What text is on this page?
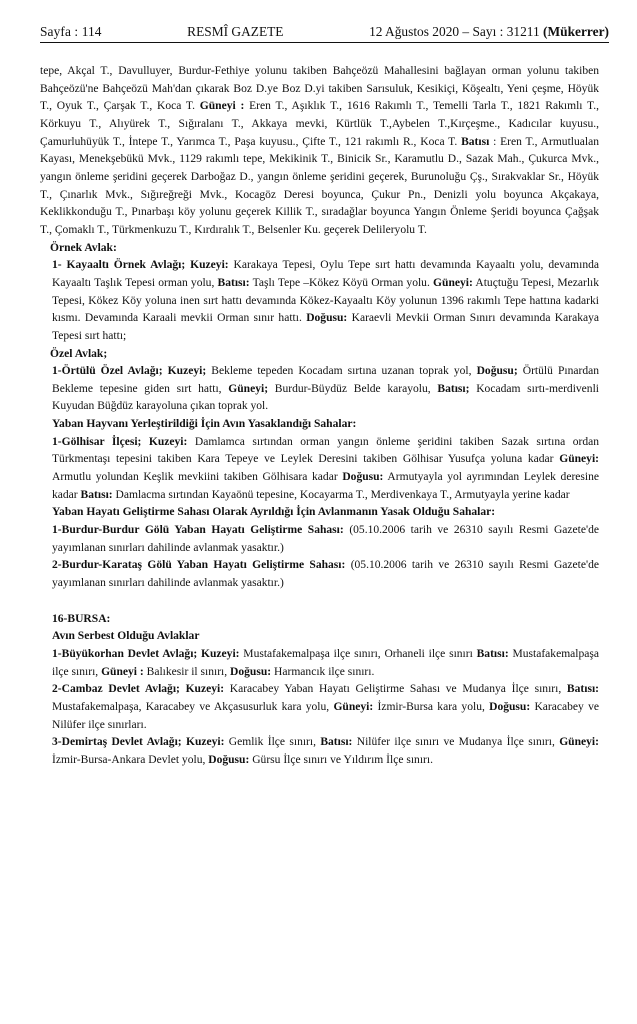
Sayfa : 114	RESMÎ GAZETE	12 Ağustos 2020 – Sayı : 31211 (Mükerrer)

tepe, Akçal T., Davulluyer, Burdur-Fethiye yolunu takiben Bahçeözü Mahallesini bağlayan orman yolunu takiben Bahçeözü'ne Bahçeözü Mah'dan çıkarak Boz D.ye Boz D.yi takiben Sarısuluk, Kesikiçi, Köşealtı, Yeni çeşme, Höyük T., Oyuk T., Çarşak T., Koca T. Güneyi : Eren T., Aşıklık T., 1616 Rakımlı T., Temelli Tarla T., 1821 Rakımlı T., Körkuyu T., Alıyürek T., Sığıralanı T., Akkaya mevki, Kürtlük T.,Aybelen T.,Kırçeşme., Kadıcılar kuyusu., Çamurluhüyük T., İntepe T., Yarımca T., Paşa kuyusu., Çifte T., 121 rakımlı R., Koca T. Batısı : Eren T., Armutlualan Kayası, Menekşebükü Mvk., 1129 rakımlı tepe, Mekikinik T., Binicik Sr., Karamutlu D., Sazak Mah., Çukurca Mvk., yangın önleme şeridini geçerek Darboğaz D., yangın önleme şeridini geçerek, Burunoluğu Çş., Sırakvaklar Sr., Höyük T., Çınarlık Mvk., Sığıreğreği Mvk., Kocagöz Deresi boyunca, Çukur Pn., Denizli yolu boyunca Akçakaya, Keklikkonduğu T., Pınarbaşı köy yolunu geçerek Killik T., sıradağlar boyunca Yangın Önleme Şeridi boyunca Çağşak T., Çomaklı T., Türkmenkuzu T., Kırdıralık T., Belsenler Ku. geçerek Delileryolu T.

Örnek Avlak:

1- Kayaaltı Örnek Avlağı; Kuzeyi: Karakaya Tepesi, Oylu Tepe sırt hattı devamında Kayaaltı yolu, devamında Kayaaltı Taşlık Tepesi orman yolu, Batısı: Taşlı Tepe –Kökez Köyü Orman yolu. Güneyi: Atuçtuğu Tepesi, Mezarlık Tepesi, Kökez Köy yoluna inen sırt hattı devamında Kökez-Kayaaltı Köy yolunun 1396 rakımlı Tepe hattına kadarki kısmı. Devamında Karaali mevkii Orman sınır hattı. Doğusu: Karaevli Mevkii Orman Sınırı devamında Karakaya Tepesi sırt hattı;

Özel Avlak;

1-Örtülü Özel Avlağı; Kuzeyi; Bekleme tepeden Kocadam sırtına uzanan toprak yol, Doğusu; Örtülü Pınardan Bekleme tepesine giden sırt hattı, Güneyi; Burdur-Büydüz Belde karayolu, Batısı; Kocadam sırtı-merdivenli Kuyudan Büğdüz karayoluna çıkan toprak yol.

Yaban Hayvanı Yerleştirildiği İçin Avın Yasaklandığı Sahalar:

1-Gölhisar İlçesi; Kuzeyi: Damlamca sırtından orman yangın önleme şeridini takiben Sazak sırtına ordan Türkmentaşı tepesini takiben Kara Tepeye ve Leylek Deresini takiben Gölhisar Yusufça yoluna kadar Güneyi: Armutlu yolundan Keşlik mevkiini takiben Gölhisara kadar Doğusu: Armutyayla yol ayrımından Leylek deresine kadar Batısı: Damlacma sırtından Kayaönü tepesine, Kocayarma T., Merdivenkaya T., Armutyayla yerine kadar

Yaban Hayatı Geliştirme Sahası Olarak Ayrıldığı İçin Avlanmanın Yasak Olduğu Sahalar:

1-Burdur-Burdur Gölü Yaban Hayatı Geliştirme Sahası: (05.10.2006 tarih ve 26310 sayılı Resmi Gazete'de yayımlanan sınırları dahilinde avlanmak yasaktır.)

2-Burdur-Karataş Gölü Yaban Hayatı Geliştirme Sahası: (05.10.2006 tarih ve 26310 sayılı Resmi Gazete'de yayımlanan sınırları dahilinde avlanmak yasaktır.)

16-BURSA:

Avın Serbest Olduğu Avlaklar

1-Büyükorhan Devlet Avlağı; Kuzeyi: Mustafakemalpaşa ilçe sınırı, Orhaneli ilçe sınırı Batısı: Mustafakemalpaşa ilçe sınırı, Güneyi : Balıkesir il sınırı, Doğusu: Harmancık ilçe sınırı.

2-Cambaz Devlet Avlağı; Kuzeyi: Karacabey Yaban Hayatı Geliştirme Sahası ve Mudanya İlçe sınırı, Batısı: Mustafakemalpaşa, Karacabey ve Akçasusurluk kara yolu, Güneyi: İzmir-Bursa kara yolu, Doğusu: Karacabey ve Nilüfer ilçe sınırları.

3-Demirtaş Devlet Avlağı; Kuzeyi: Gemlik İlçe sınırı, Batısı: Nilüfer ilçe sınırı ve Mudanya İlçe sınırı, Güneyi: İzmir-Bursa-Ankara Devlet yolu, Doğusu: Gürsu İlçe sınırı ve Yıldırım İlçe sınırı.
